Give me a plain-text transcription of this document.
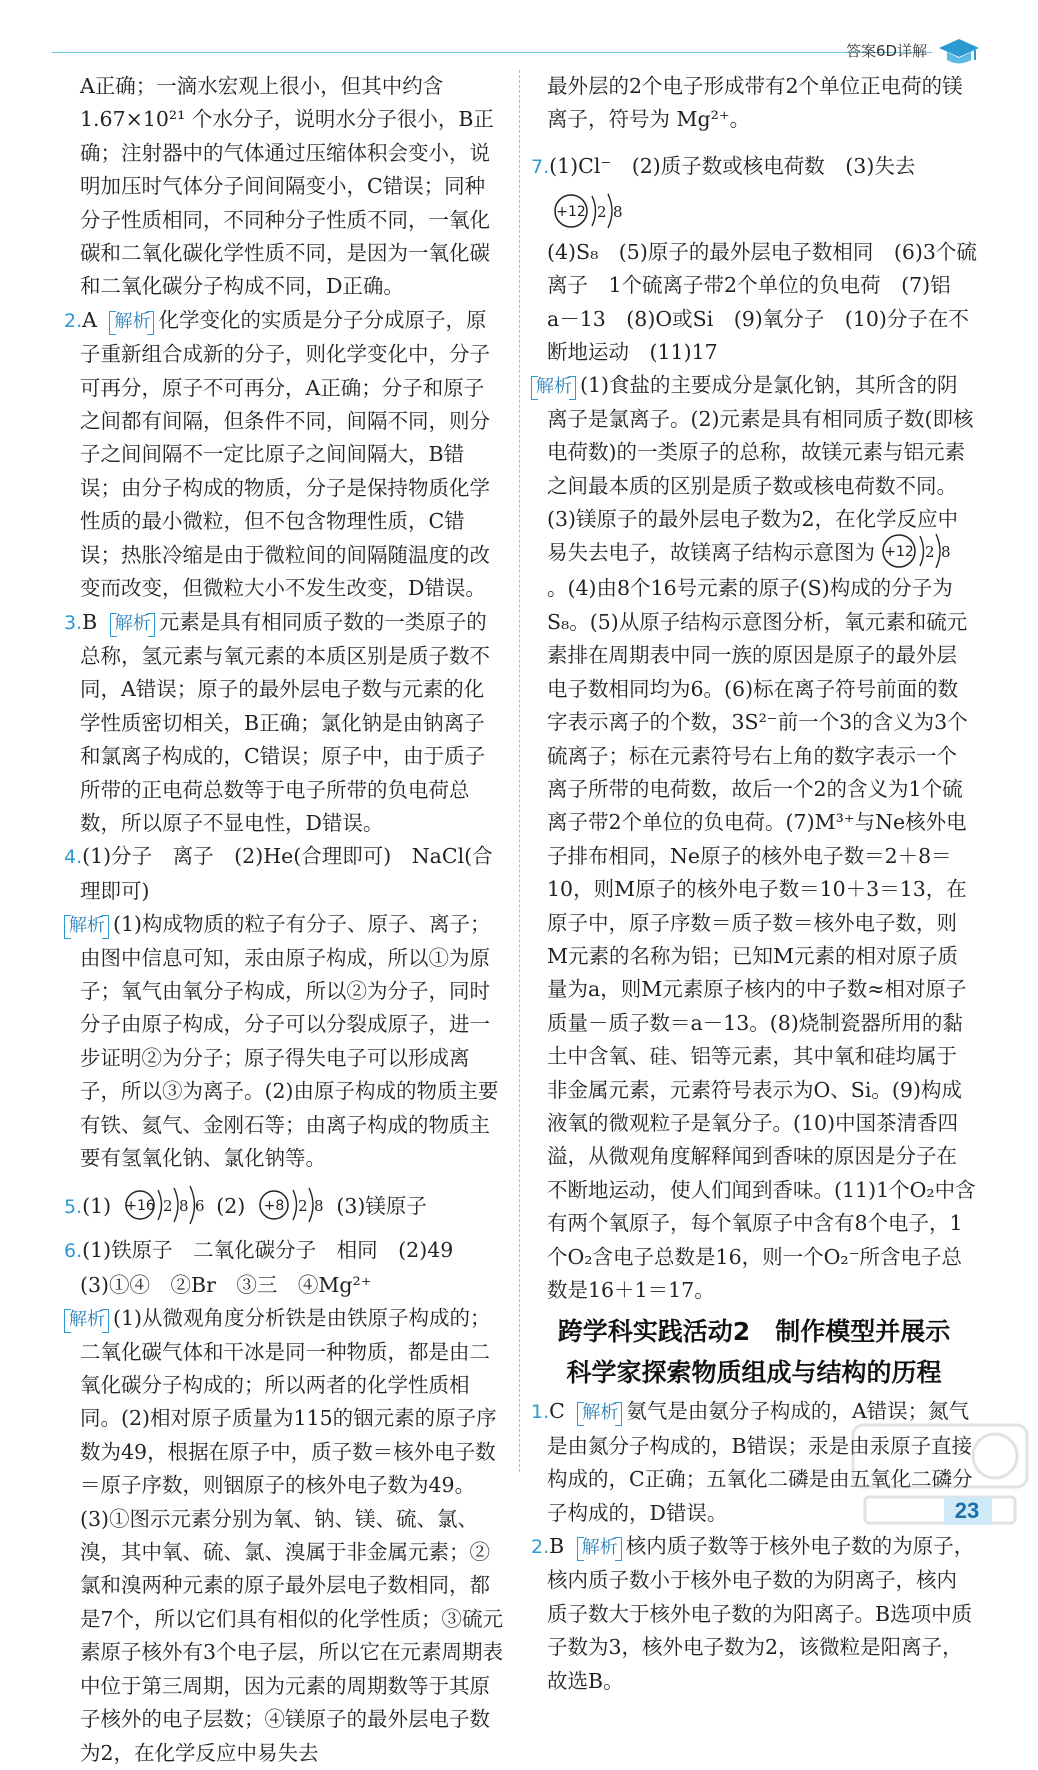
答案6D详解

A正确；一滴水宏观上很小，但其中约含 1.67×10²¹ 个水分子，说明水分子很小，B正确；注射器中的气体通过压缩体积会变小，说明加压时气体分子间间隔变小，C错误；同种分子性质相同，不同种分子性质不同，一氧化碳和二氧化碳化学性质不同，是因为一氧化碳和二氧化碳分子构成不同，D正确。

2.A 解析 化学变化的实质是分子分成原子，原子重新组合成新的分子，则化学变化中，分子可再分，原子不可再分，A正确；分子和原子之间都有间隔，但条件不同，间隔不同，则分子之间间隔不一定比原子之间间隔大，B错误；由分子构成的物质，分子是保持物质化学性质的最小微粒，但不包含物理性质，C错误；热胀冷缩是由于微粒间的间隔随温度的改变而改变，但微粒大小不发生改变，D错误。

3.B 解析 元素是具有相同质子数的一类原子的总称，氢元素与氧元素的本质区别是质子数不同，A错误；原子的最外层电子数与元素的化学性质密切相关，B正确；氯化钠是由钠离子和氯离子构成的，C错误；原子中，由于质子所带的正电荷总数等于电子所带的负电荷总数，所以原子不显电性，D错误。

4.(1)分子　离子　(2)He(合理即可)　NaCl(合理即可)

解析 (1)构成物质的粒子有分子、原子、离子；由图中信息可知，汞由原子构成，所以①为原子；氧气由氧分子构成，所以②为分子，同时分子由原子构成，分子可以分裂成原子，进一步证明②为分子；原子得失电子可以形成离子，所以③为离子。(2)由原子构成的物质主要有铁、氦气、金刚石等；由离子构成的物质主要有氢氧化钠、氯化钠等。

5.(1) +16 2 8 6 (2) +8 2 8 (3)镁原子

6.(1)铁原子　二氧化碳分子　相同　(2)49　(3)①④　②Br　③三　④Mg²⁺

解析 (1)从微观角度分析铁是由铁原子构成的；二氧化碳气体和干冰是同一种物质，都是由二氧化碳分子构成的；所以两者的化学性质相同。(2)相对原子质量为115的铟元素的原子序数为49，根据在原子中，质子数＝核外电子数＝原子序数，则铟原子的核外电子数为49。(3)①图示元素分别为氧、钠、镁、硫、氯、溴，其中氧、硫、氯、溴属于非金属元素；②氯和溴两种元素的原子最外层电子数相同，都是7个，所以它们具有相似的化学性质；③硫元素原子核外有3个电子层，所以它在元素周期表中位于第三周期，因为元素的周期数等于其原子核外的电子层数；④镁原子的最外层电子数为2，在化学反应中易失去

最外层的2个电子形成带有2个单位正电荷的镁离子，符号为 Mg²⁺。

7.(1)Cl⁻　(2)质子数或核电荷数　(3)失去
+12 2 8

(4)S₈　(5)原子的最外层电子数相同　(6)3个硫离子　1个硫离子带2个单位的负电荷　(7)铝　a－13　(8)O或Si　(9)氧分子　(10)分子在不断地运动　(11)17

解析 (1)食盐的主要成分是氯化钠，其所含的阴离子是氯离子。(2)元素是具有相同质子数(即核电荷数)的一类原子的总称，故镁元素与铝元素之间最本质的区别是质子数或核电荷数不同。(3)镁原子的最外层电子数为2，在化学反应中易失去电子，故镁离子结构示意图为 +12 2 8
。(4)由8个16号元素的原子(S)构成的分子为 S₈。(5)从原子结构示意图分析，氧元素和硫元素排在周期表中同一族的原因是原子的最外层电子数相同均为6。(6)标在离子符号前面的数字表示离子的个数，3S²⁻前一个3的含义为3个硫离子；标在元素符号右上角的数字表示一个离子所带的电荷数，故后一个2的含义为1个硫离子带2个单位的负电荷。(7)M³⁺与Ne核外电子排布相同，Ne原子的核外电子数＝2＋8＝10，则M原子的核外电子数＝10＋3＝13，在原子中，原子序数＝质子数＝核外电子数，则M元素的名称为铝；已知M元素的相对原子质量为a，则M元素原子核内的中子数≈相对原子质量－质子数＝a－13。(8)烧制瓷器所用的黏土中含氧、硅、铝等元素，其中氧和硅均属于非金属元素，元素符号表示为O、Si。(9)构成液氧的微观粒子是氧分子。(10)中国茶清香四溢，从微观角度解释闻到香味的原因是分子在不断地运动，使人们闻到香味。(11)1个O₂中含有两个氧原子，每个氧原子中含有8个电子，1个O₂含电子总数是16，则一个O₂⁻所含电子总数是16＋1＝17。

跨学科实践活动2　制作模型并展示

科学家探索物质组成与结构的历程

1.C 解析 氨气是由氨分子构成的，A错误；氮气是由氮分子构成的，B错误；汞是由汞原子直接构成的，C正确；五氧化二磷是由五氧化二磷分子构成的，D错误。

2.B 解析 核内质子数等于核外电子数的为原子，核内质子数小于核外电子数的为阴离子，核内质子数大于核外电子数的为阳离子。B选项中质子数为3，核外电子数为2，该微粒是阳离子，故选B。

23
